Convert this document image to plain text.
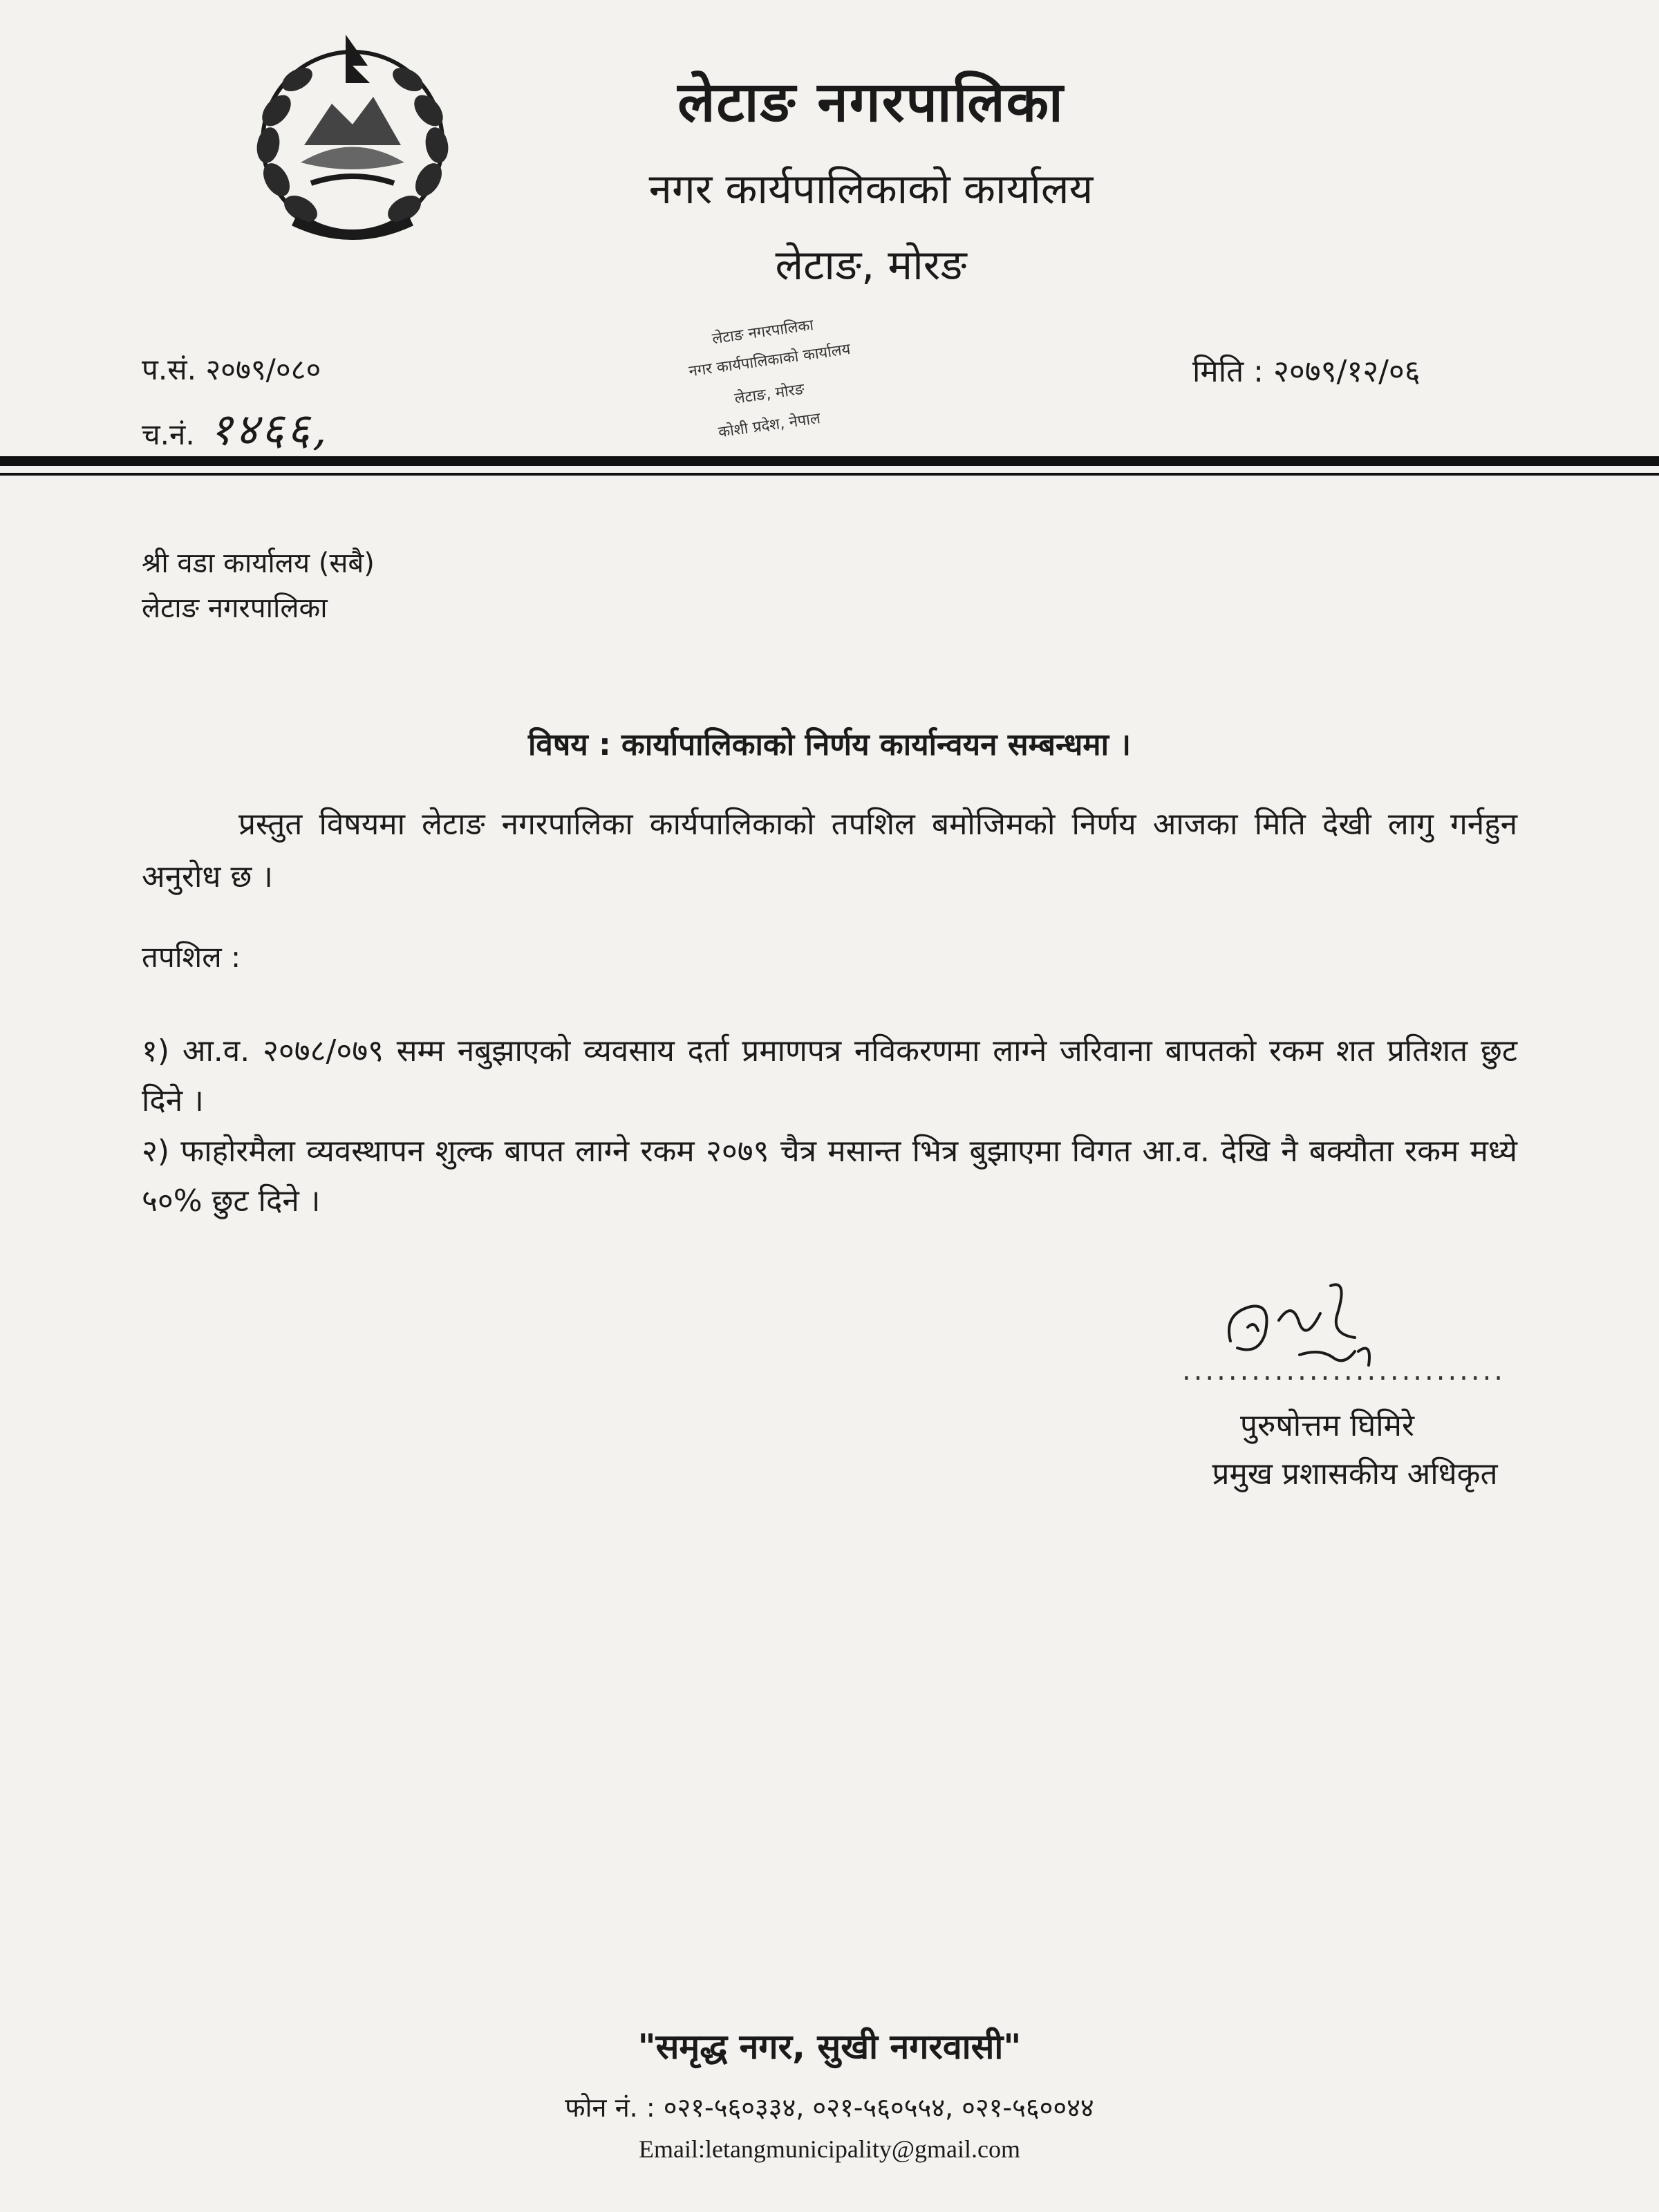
लेटाङ नगरपालिका
नगर कार्यपालिकाको कार्यालय
लेटाङ, मोरङ
लेटाङ नगरपालिका
नगर कार्यपालिकाको कार्यालय
लेटाङ, मोरङ
कोशी प्रदेश, नेपाल
प.सं. २०७९/०८०
च.नं. १४६६,
मिति : २०७९/१२/०६
श्री वडा कार्यालय (सबै)
लेटाङ नगरपालिका
विषय : कार्यापालिकाको निर्णय कार्यान्वयन सम्बन्धमा ।
प्रस्तुत विषयमा लेटाङ नगरपालिका कार्यपालिकाको तपशिल बमोजिमको निर्णय आजका मिति देखी लागु गर्नहुन अनुरोध छ ।
तपशिल :
१) आ.व. २०७८/०७९ सम्म नबुझाएको व्यवसाय दर्ता प्रमाणपत्र नविकरणमा लाग्ने जरिवाना बापतको रकम शत प्रतिशत छुट दिने ।
२) फाहोरमैला व्यवस्थापन शुल्क बापत लाग्ने रकम २०७९ चैत्र मसान्त भित्र बुझाएमा विगत आ.व. देखि नै बक्यौता रकम मध्ये ५०% छुट दिने ।
............................
पुरुषोत्तम घिमिरे
प्रमुख प्रशासकीय अधिकृत
"समृद्ध नगर, सुखी नगरवासी"
फोन नं. : ०२१-५६०३३४, ०२१-५६०५५४, ०२१-५६००४४
Email:letangmunicipality@gmail.com
